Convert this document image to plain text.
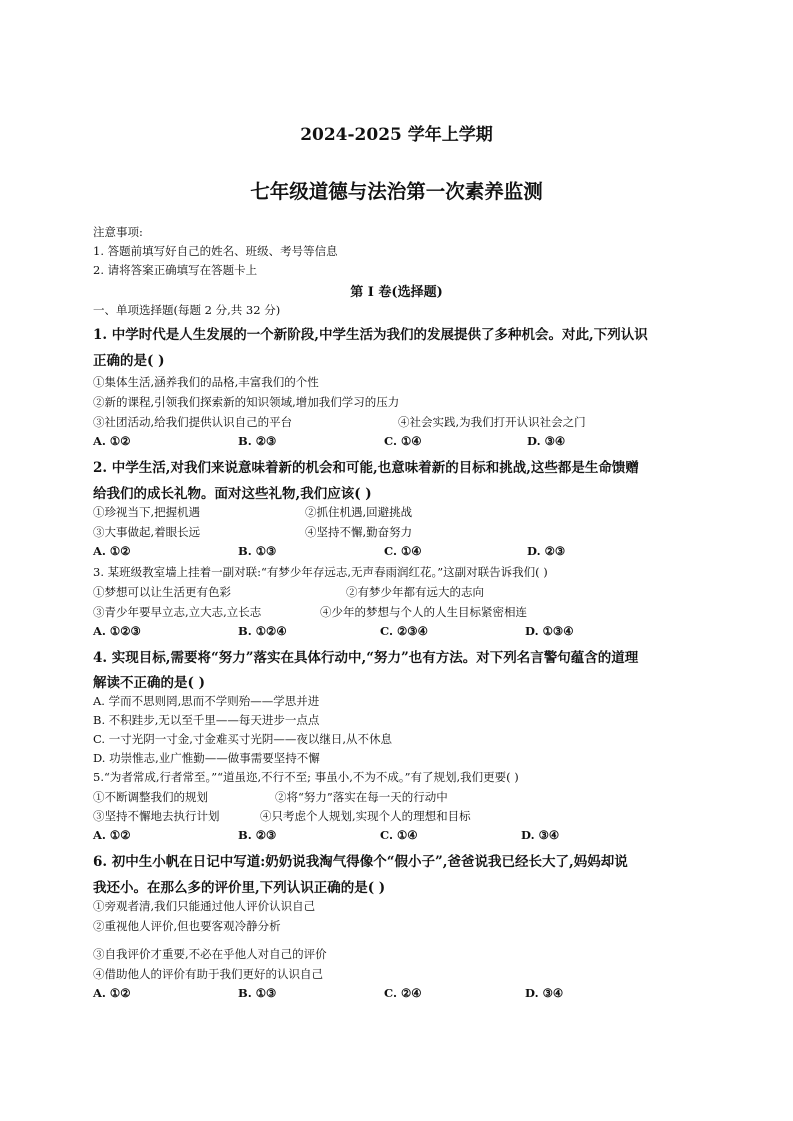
2024-2025 学年上学期
七年级道德与法治第一次素养监测
注意事项:
1. 答题前填写好自己的姓名、班级、考号等信息
2. 请将答案正确填写在答题卡上
第 I 卷(选择题)
一、单项选择题(每题 2 分,共 32 分)
1. 中学时代是人生发展的一个新阶段,中学生活为我们的发展提供了多种机会。对此,下列认识
正确的是( )
①集体生活,涵养我们的品格,丰富我们的个性
②新的课程,引领我们探索新的知识领域,增加我们学习的压力
③社团活动,给我们提供认识自己的平台	④社会实践,为我们打开认识社会之门
A. ①②	B. ②③	C. ①④	D. ③④
2. 中学生活,对我们来说意味着新的机会和可能,也意味着新的目标和挑战,这些都是生命馈赠
给我们的成长礼物。面对这些礼物,我们应该( )
①珍视当下,把握机遇	②抓住机遇,回避挑战
③大事做起,着眼长远	④坚持不懈,勤奋努力
A. ①②	B. ①③	C. ①④	D. ②③
3. 某班级教室墙上挂着一副对联:“有梦少年存远志,无声春雨润红花。”这副对联告诉我们( )
①梦想可以让生活更有色彩	②有梦少年都有远大的志向
③青少年要早立志,立大志,立长志	④少年的梦想与个人的人生目标紧密相连
A. ①②③	B. ①②④	C. ②③④	D. ①③④
4. 实现目标,需要将“努力”落实在具体行动中,“努力”也有方法。对下列名言警句蕴含的道理
解读不正确的是( )
A. 学而不思则罔,思而不学则殆——学思并进
B. 不积跬步,无以至千里——每天进步一点点
C. 一寸光阴一寸金,寸金难买寸光阴——夜以继日,从不休息
D. 功崇惟志,业广惟勤——做事需要坚持不懈
5.“为者常成,行者常至。”“道虽迩,不行不至; 事虽小,不为不成。”有了规划,我们更要( )
①不断调整我们的规划	②将“努力”落实在每一天的行动中
③坚持不懈地去执行计划	④只考虑个人规划,实现个人的理想和目标
A. ①②	B. ②③	C. ①④	D. ③④
6. 初中生小帆在日记中写道:奶奶说我淘气得像个“假小子”,爸爸说我已经长大了,妈妈却说
我还小。在那么多的评价里,下列认识正确的是( )
①旁观者清,我们只能通过他人评价认识自己
②重视他人评价,但也要客观冷静分析
③自我评价才重要,不必在乎他人对自己的评价
④借助他人的评价有助于我们更好的认识自己
A. ①②	B. ①③	C. ②④	D. ③④
